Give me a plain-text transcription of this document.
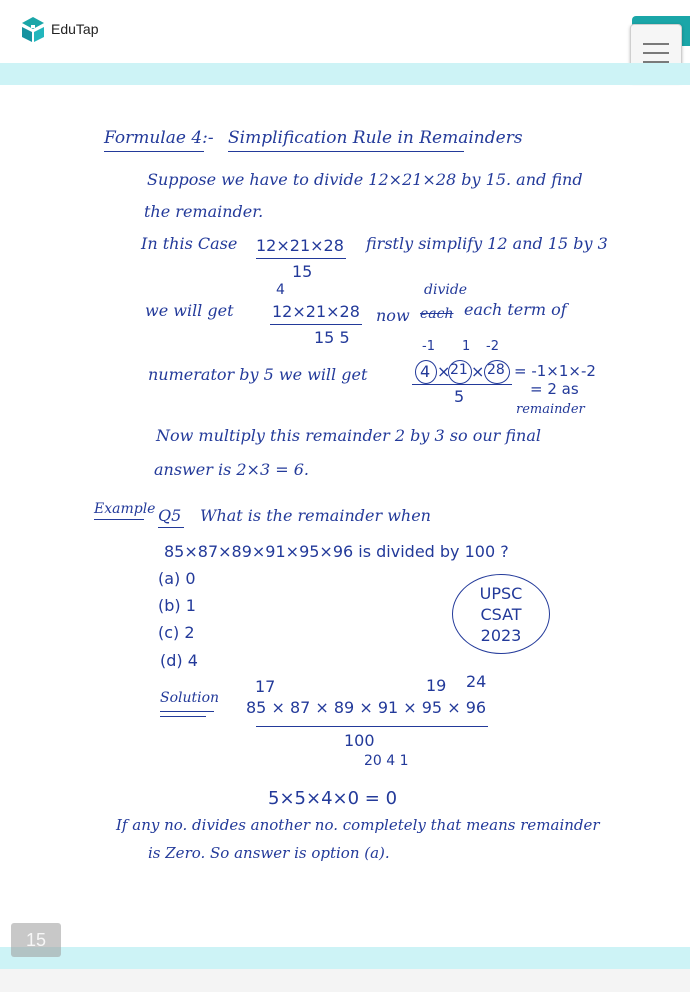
EduTap
Formulae 4:- Simplification Rule in Remainders
Suppose we have to divide 12×21×28 by 15. and find
the remainder.
In this Case 12×21×28
15
firstly simplify 12 and 15 by 3
we will get
4
12×21×28
15 5
now
divide
each each term of
numerator by 5 we will get
-1 1 -2
4 × 21 × 28
5
= -1×1×-2
= 2 as
remainder
Now multiply this remainder 2 by 3 so our final
answer is 2×3 = 6.
Example Q5 What is the remainder when
85×87×89×91×95×96 is divided by 100 ?
(a) 0
(b) 1
(c) 2
(d) 4
UPSC
CSAT
2023
Solution
17	19 24
85 × 87 × 89 × 91 × 95 × 96
100
20 4 1
5×5×4×0 = 0
If any no. divides another no. completely that means remainder
is Zero. So answer is option (a).
15
